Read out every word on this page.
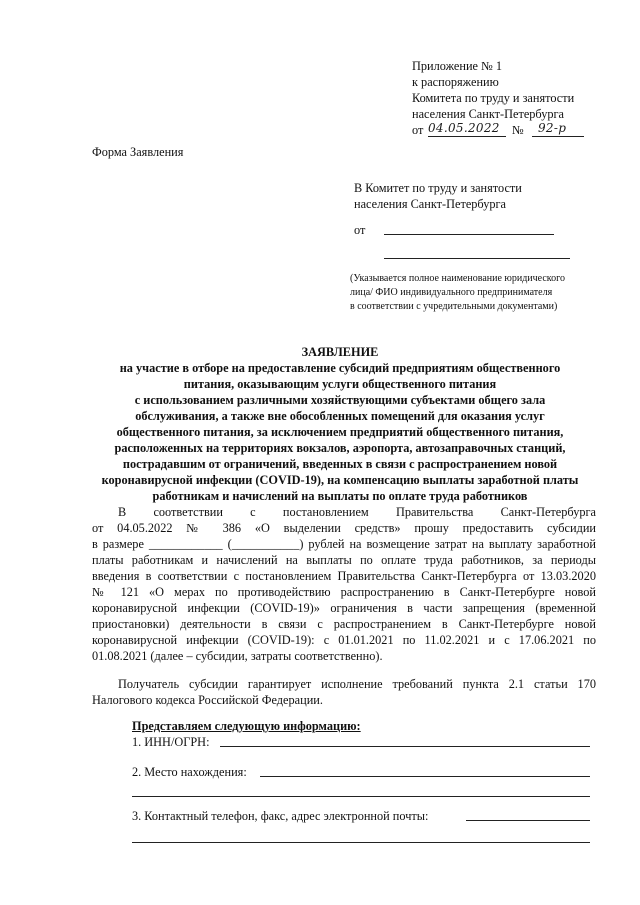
Приложение № 1
к распоряжению
Комитета по труду и занятости
населения Санкт-Петербурга
от 04.05.2022 № 92-р
Форма Заявления
В Комитет по труду и занятости
населения Санкт-Петербурга
от
(Указывается полное наименование юридического
лица/ ФИО индивидуального предпринимателя
в соответствии с учредительными документами)
ЗАЯВЛЕНИЕ
на участие в отборе на предоставление субсидий предприятиям общественного
питания, оказывающим услуги общественного питания
с использованием различными хозяйствующими субъектами общего зала
обслуживания, а также вне обособленных помещений для оказания услуг
общественного питания, за исключением предприятий общественного питания,
расположенных на территориях вокзалов, аэропорта, автозаправочных станций,
пострадавшим от ограничений, введенных в связи с распространением новой
коронавирусной инфекции (COVID-19), на компенсацию выплаты заработной платы
работникам и начислений на выплаты по оплате труда работников
В соответствии с постановлением Правительства Санкт-Петербурга
от 04.05.2022 № 386 «О выделении средств» прошу предоставить субсидии
в размере ____________ (___________) рублей на возмещение затрат на выплату заработной
платы работникам и начислений на выплаты по оплате труда работников, за периоды
введения в соответствии с постановлением Правительства Санкт-Петербурга от 13.03.2020
№ 121 «О мерах по противодействию распространению в Санкт-Петербурге новой
коронавирусной инфекции (COVID-19)» ограничения в части запрещения (временной
приостановки) деятельности в связи с распространением в Санкт-Петербурге новой
коронавирусной инфекции (COVID-19): с 01.01.2021 по 11.02.2021 и с 17.06.2021 по
01.08.2021 (далее – субсидии, затраты соответственно).
Получатель субсидии гарантирует исполнение требований пункта 2.1 статьи 170
Налогового кодекса Российской Федерации.
Представляем следующую информацию:
1. ИНН/ОГРН:
2. Место нахождения:
3. Контактный телефон, факс, адрес электронной почты:
